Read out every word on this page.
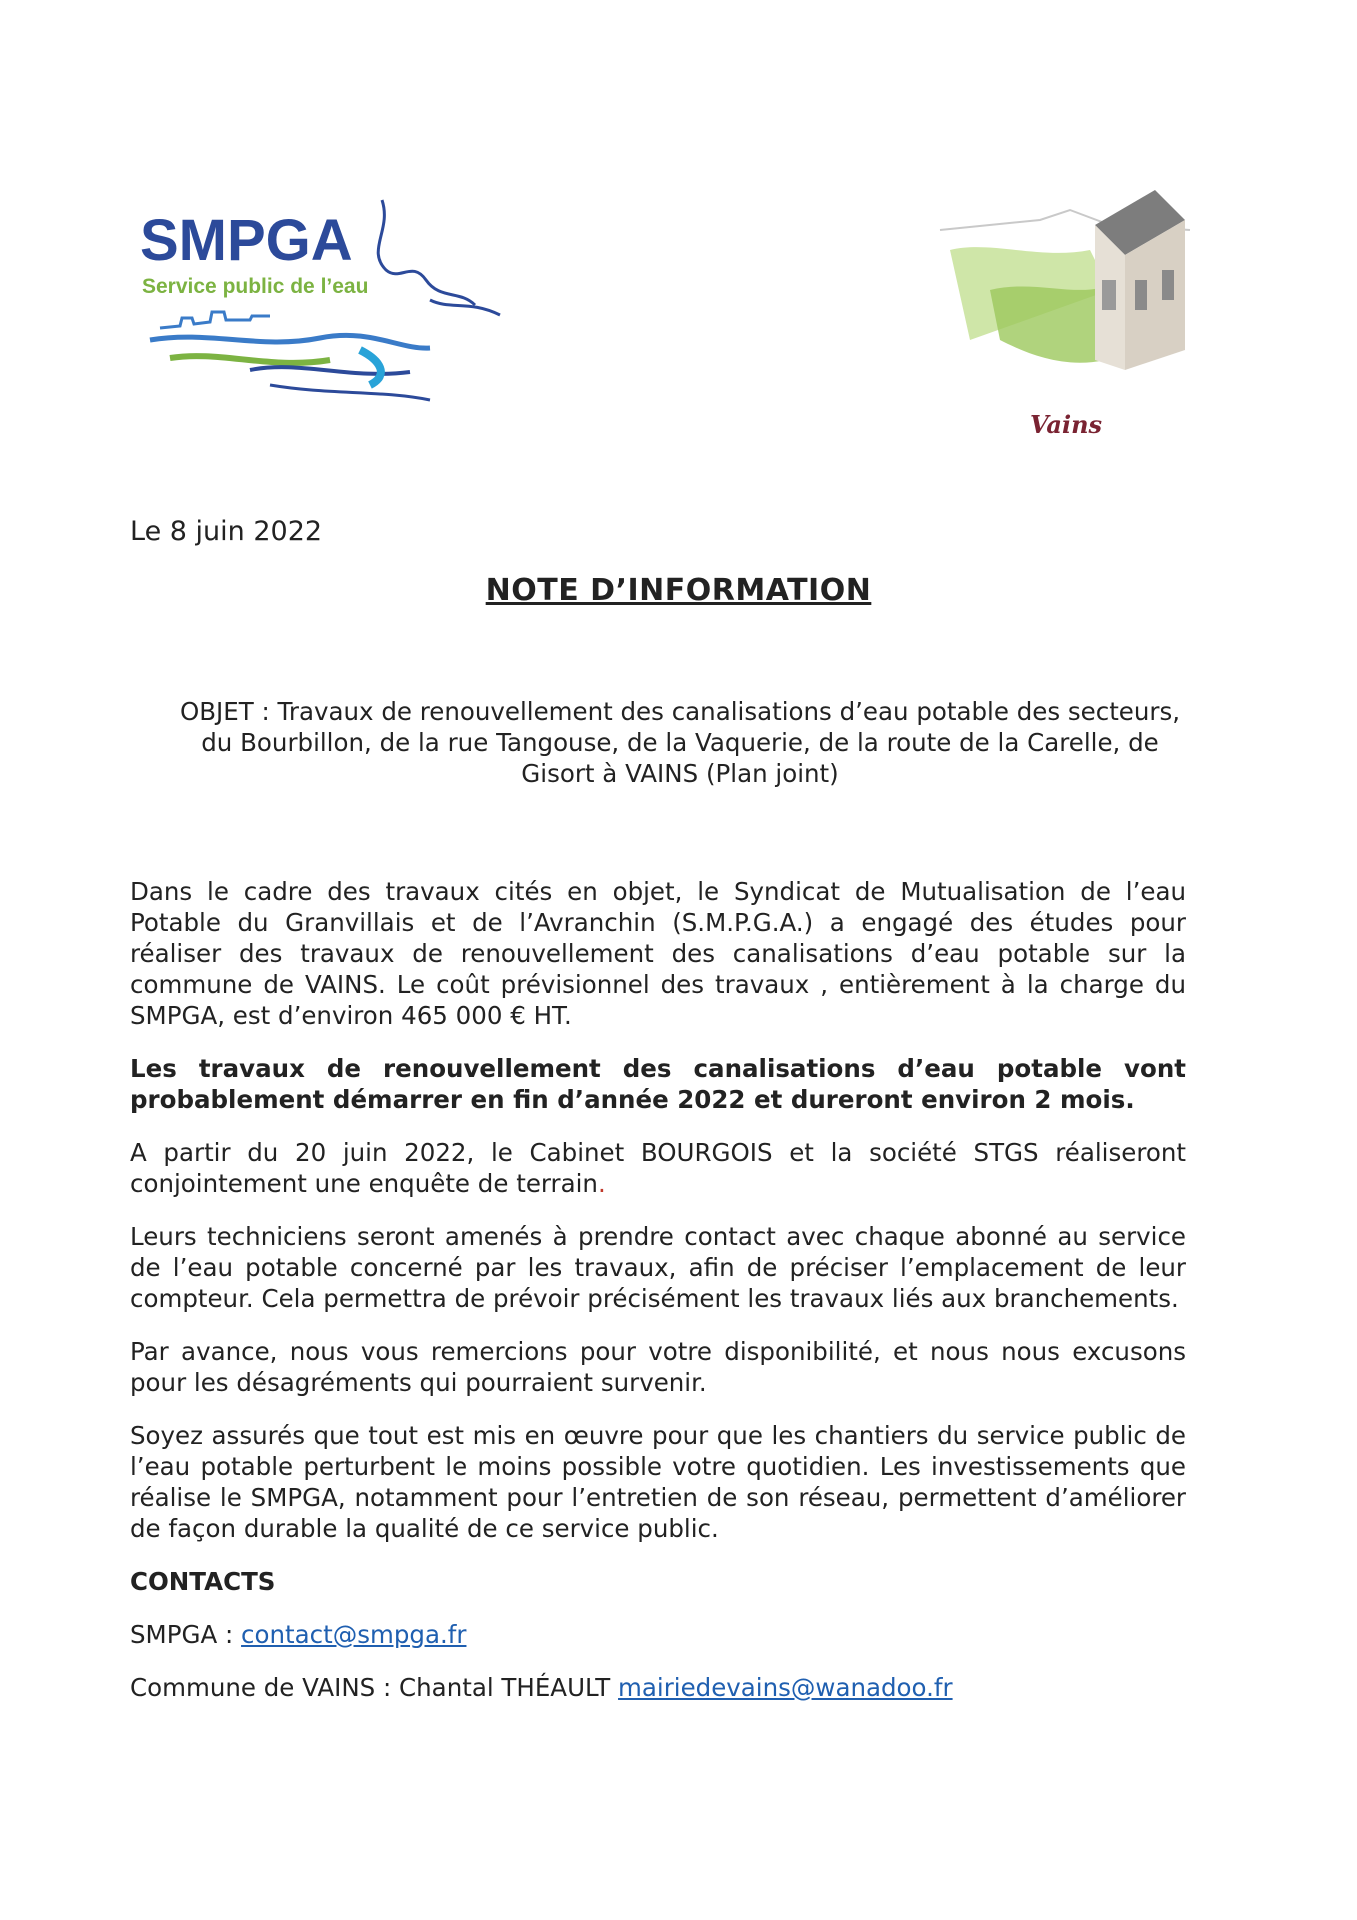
SMPGA
Service public de l’eau
Vains
Le 8 juin 2022
NOTE D’INFORMATION
OBJET : Travaux de renouvellement des canalisations d’eau potable des secteurs,
du Bourbillon, de la rue Tangouse, de la Vaquerie, de la route de la Carelle, de
Gisort à VAINS (Plan joint)

Dans le cadre des travaux cités en objet, le Syndicat de Mutualisation de l’eau Potable du Granvillais et de l’Avranchin (S.M.P.G.A.) a engagé des études pour réaliser des travaux de renouvellement des canalisations d’eau potable sur la commune de VAINS. Le coût prévisionnel des travaux , entièrement à la charge du SMPGA, est d’environ 465 000 € HT.

Les travaux de renouvellement des canalisations d’eau potable vont probablement démarrer en fin d’année 2022 et dureront environ 2 mois.

A partir du 20 juin 2022, le Cabinet BOURGOIS et la société STGS réaliseront conjointement une enquête de terrain.

Leurs techniciens seront amenés à prendre contact avec chaque abonné au service de l’eau potable concerné par les travaux, afin de préciser l’emplacement de leur compteur. Cela permettra de prévoir précisément les travaux liés aux branchements.

Par avance, nous vous remercions pour votre disponibilité, et nous nous excusons pour les désagréments qui pourraient survenir.

Soyez assurés que tout est mis en œuvre pour que les chantiers du service public de l’eau potable perturbent le moins possible votre quotidien. Les investissements que réalise le SMPGA, notamment pour l’entretien de son réseau, permettent d’améliorer de façon durable la qualité de ce service public.

CONTACTS
SMPGA : contact@smpga.fr
Commune de VAINS : Chantal THÉAULT mairiedevains@wanadoo.fr
